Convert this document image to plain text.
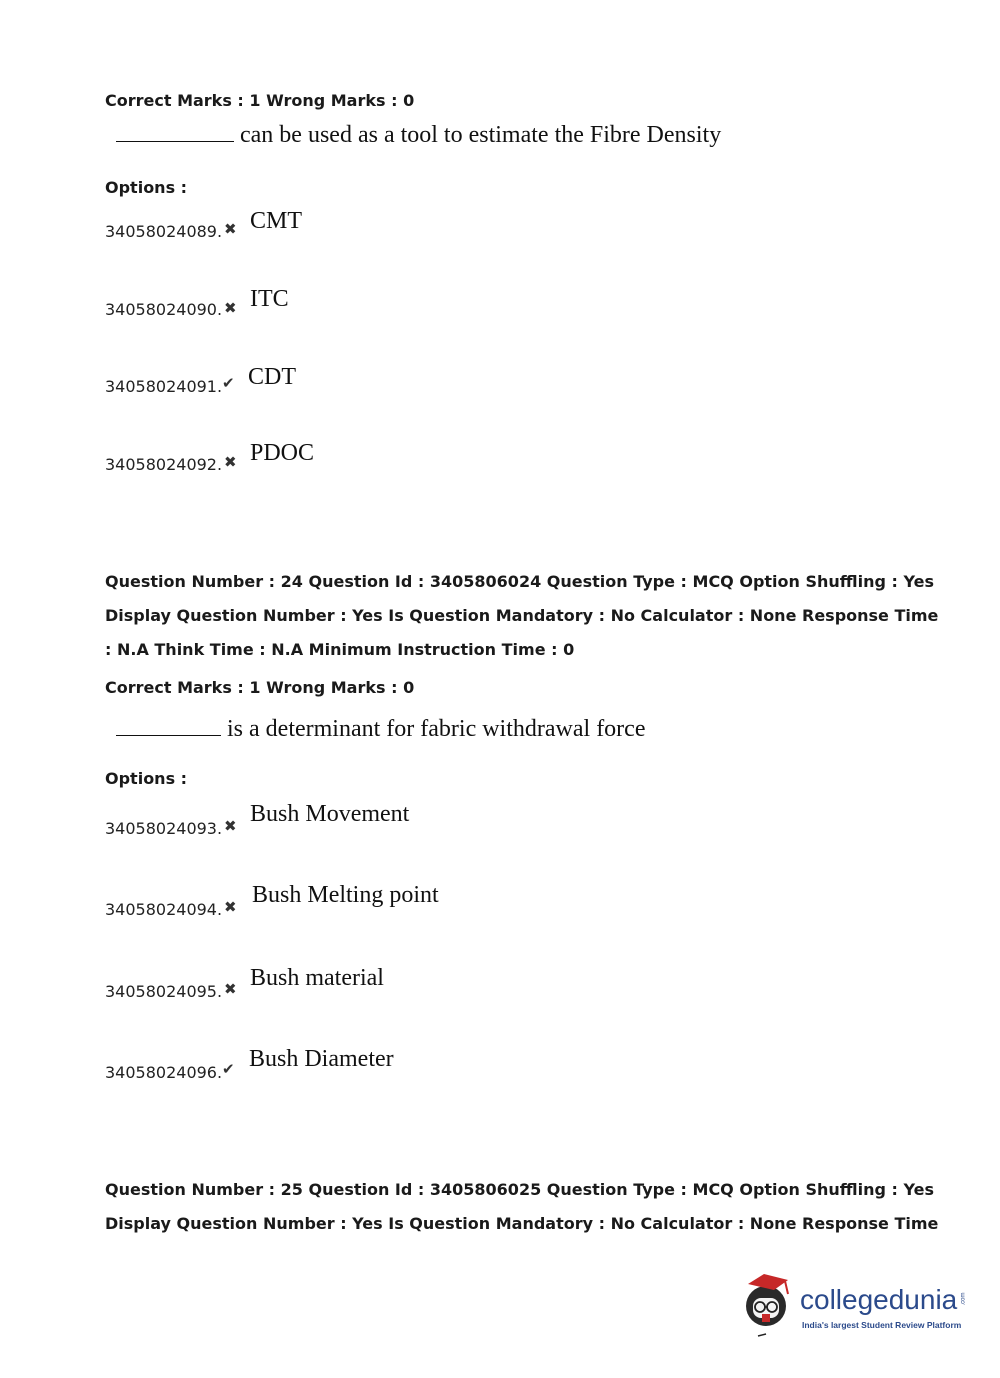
Correct Marks : 1 Wrong Marks : 0
can be used as a tool to estimate the Fibre Density
Options :
34058024089. ✖ CMT
34058024090. ✖ ITC
34058024091. ✔ CDT
34058024092. ✖ PDOC
Question Number : 24 Question Id : 3405806024 Question Type : MCQ Option Shuffling : Yes
Display Question Number : Yes Is Question Mandatory : No Calculator : None Response Time
: N.A Think Time : N.A Minimum Instruction Time : 0
Correct Marks : 1 Wrong Marks : 0
is a determinant for fabric withdrawal force
Options :
34058024093. ✖ Bush Movement
34058024094. ✖ Bush Melting point
34058024095. ✖ Bush material
34058024096. ✔ Bush Diameter
Question Number : 25 Question Id : 3405806025 Question Type : MCQ Option Shuffling : Yes
Display Question Number : Yes Is Question Mandatory : No Calculator : None Response Time
collegedunia .com
India's largest Student Review Platform
